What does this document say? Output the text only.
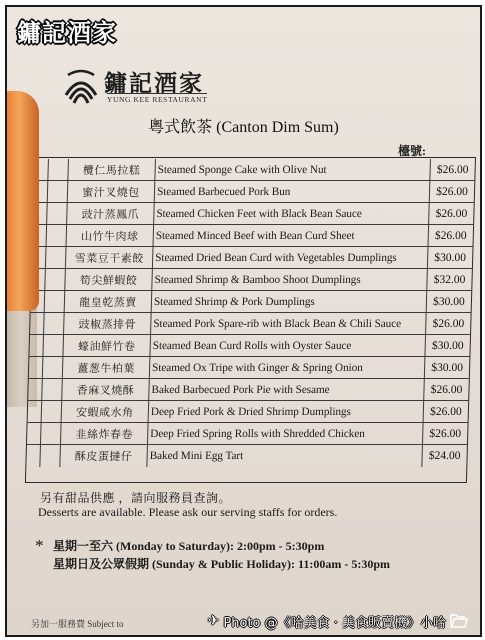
鏞記酒家
鏞記酒家
YUNG KEE RESTAURANT
粵式飲茶 (Canton Dim Sum)
檯號:
欖仁馬拉糕	Steamed Sponge Cake with Olive Nut	$26.00
蜜汁叉燒包	Steamed Barbecued Pork Bun	$26.00
豉汁蒸鳳爪	Steamed Chicken Feet with Black Bean Sauce	$26.00
山竹牛肉球	Steamed Minced Beef with Bean Curd Sheet	$26.00
雪菜豆干素餃 Steamed Dried Bean Curd with Vegetables Dumplings	$30.00
筍尖鮮蝦餃	Steamed Shrimp & Bamboo Shoot Dumplings	$32.00
龍皇乾蒸賣	Steamed Shrimp & Pork Dumplings	$30.00
豉椒蒸排骨	Steamed Pork Spare-rib with Black Bean & Chili Sauce	$26.00
蠔油鮮竹卷	Steamed Bean Curd Rolls with Oyster Sauce	$30.00
薑葱牛柏葉	Steamed Ox Tripe with Ginger & Spring Onion	$30.00
香麻叉燒酥	Baked Barbecued Pork Pie with Sesame	$26.00
安蝦咸水角	Deep Fried Pork & Dried Shrimp Dumplings	$26.00
韭絲炸春卷	Deep Fried Spring Rolls with Shredded Chicken	$26.00
酥皮蛋撻仔	Baked Mini Egg Tart	$24.00
另有甜品供應 ，請向服務員查詢。
Desserts are available. Please ask our serving staffs for orders.
* 星期一至六 (Monday to Saturday): 2:00pm - 5:30pm
星期日及公眾假期 (Sunday & Public Holiday): 11:00am - 5:30pm
另加一服務費 Subject to	✈ Photo @《哈美食 · 美食販賣機》小哈
